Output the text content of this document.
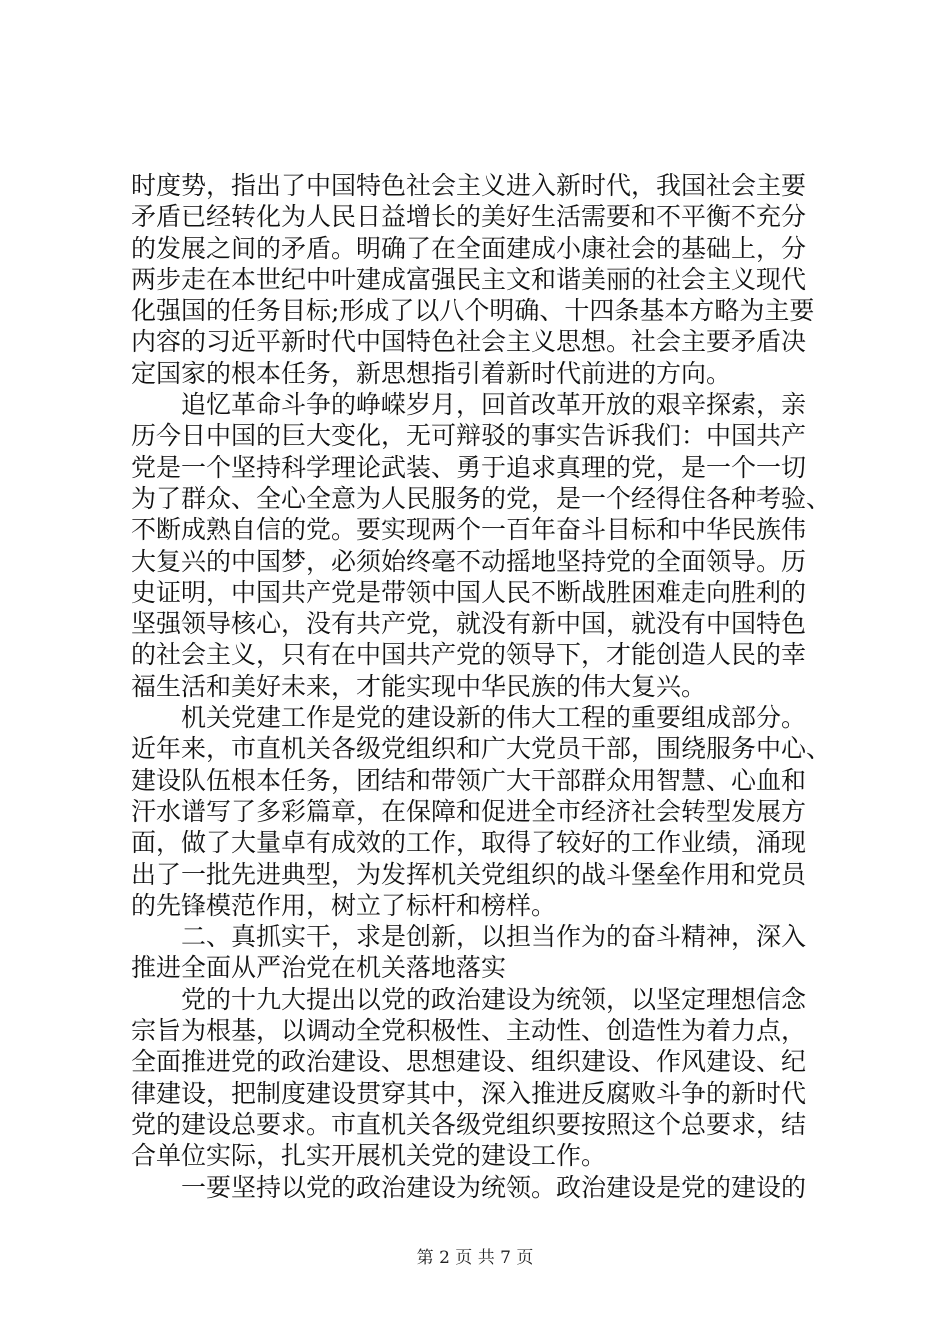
时度势，指出了中国特色社会主义进入新时代，我国社会主要
矛盾已经转化为人民日益增长的美好生活需要和不平衡不充分
的发展之间的矛盾。明确了在全面建成小康社会的基础上，分
两步走在本世纪中叶建成富强民主文和谐美丽的社会主义现代
化强国的任务目标;形成了以八个明确、十四条基本方略为主要
内容的习近平新时代中国特色社会主义思想。社会主要矛盾决
定国家的根本任务，新思想指引着新时代前进的方向。
　　追忆革命斗争的峥嵘岁月，回首改革开放的艰辛探索，亲
历今日中国的巨大变化，无可辩驳的事实告诉我们：中国共产
党是一个坚持科学理论武装、勇于追求真理的党，是一个一切
为了群众、全心全意为人民服务的党，是一个经得住各种考验、
不断成熟自信的党。要实现两个一百年奋斗目标和中华民族伟
大复兴的中国梦，必须始终毫不动摇地坚持党的全面领导。历
史证明，中国共产党是带领中国人民不断战胜困难走向胜利的
坚强领导核心，没有共产党，就没有新中国，就没有中国特色
的社会主义，只有在中国共产党的领导下，才能创造人民的幸
福生活和美好未来，才能实现中华民族的伟大复兴。
　　机关党建工作是党的建设新的伟大工程的重要组成部分。
近年来，市直机关各级党组织和广大党员干部，围绕服务中心、
建设队伍根本任务，团结和带领广大干部群众用智慧、心血和
汗水谱写了多彩篇章，在保障和促进全市经济社会转型发展方
面，做了大量卓有成效的工作，取得了较好的工作业绩，涌现
出了一批先进典型，为发挥机关党组织的战斗堡垒作用和党员
的先锋模范作用，树立了标杆和榜样。
　　二、真抓实干，求是创新，以担当作为的奋斗精神，深入
推进全面从严治党在机关落地落实
　　党的十九大提出以党的政治建设为统领，以坚定理想信念
宗旨为根基，以调动全党积极性、主动性、创造性为着力点，
全面推进党的政治建设、思想建设、组织建设、作风建设、纪
律建设，把制度建设贯穿其中，深入推进反腐败斗争的新时代
党的建设总要求。市直机关各级党组织要按照这个总要求，结
合单位实际，扎实开展机关党的建设工作。
　　一要坚持以党的政治建设为统领。政治建设是党的建设的
第 2 页 共 7 页
